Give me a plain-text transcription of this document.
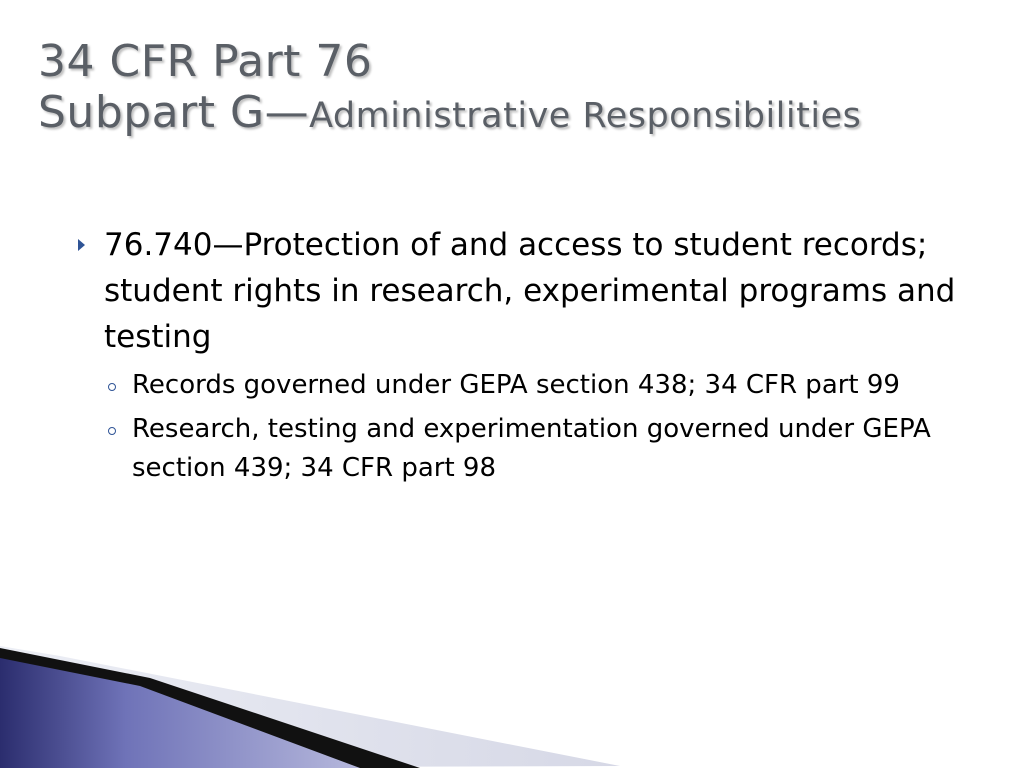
34 CFR Part 76
Subpart G—Administrative Responsibilities
76.740—Protection of and access to student records; student rights in research, experimental programs and testing
Records governed under GEPA section 438; 34 CFR part 99
Research, testing and experimentation governed under GEPA section 439; 34 CFR part 98
